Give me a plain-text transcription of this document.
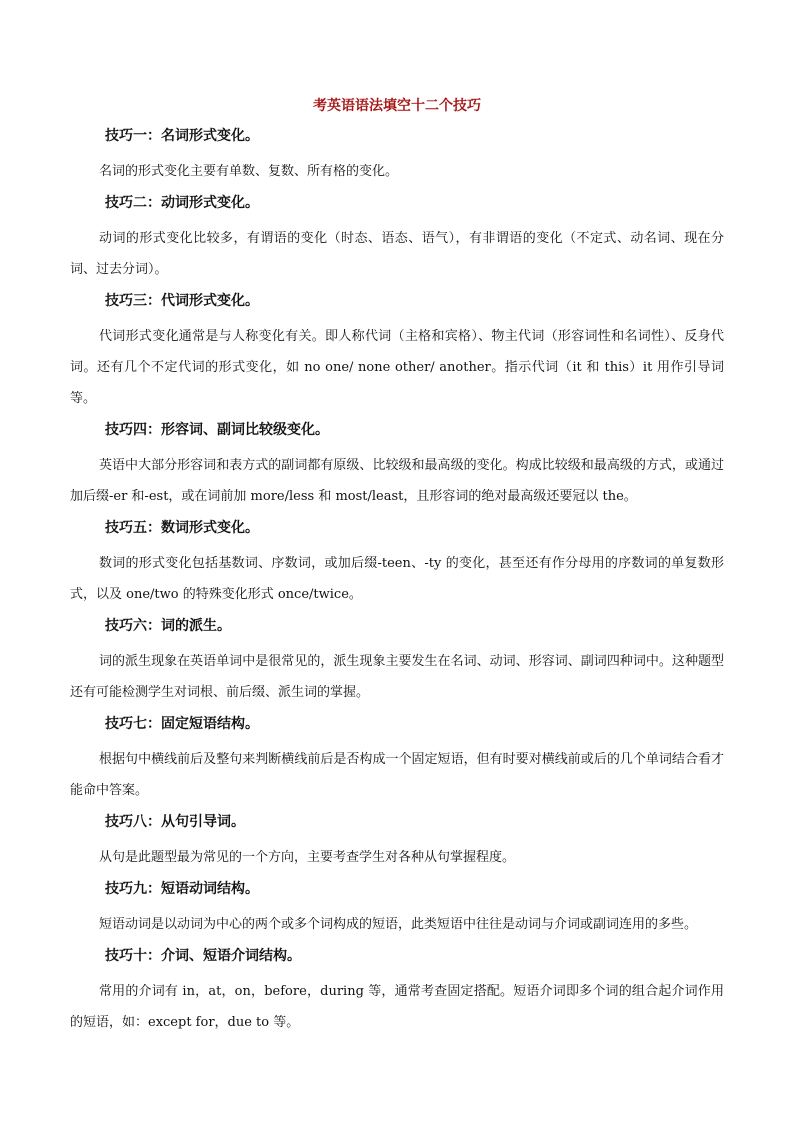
考英语语法填空十二个技巧
技巧一：名词形式变化。
名词的形式变化主要有单数、复数、所有格的变化。
技巧二：动词形式变化。
动词的形式变化比较多，有谓语的变化（时态、语态、语气），有非谓语的变化（不定式、动名词、现在分词、过去分词）。
技巧三：代词形式变化。
代词形式变化通常是与人称变化有关。即人称代词（主格和宾格）、物主代词（形容词性和名词性）、反身代词。还有几个不定代词的形式变化，如 no one/ none other/ another。指示代词（it 和 this）it 用作引导词等。
技巧四：形容词、副词比较级变化。
英语中大部分形容词和表方式的副词都有原级、比较级和最高级的变化。构成比较级和最高级的方式，或通过加后缀-er 和-est，或在词前加 more/less 和 most/least，且形容词的绝对最高级还要冠以 the。
技巧五：数词形式变化。
数词的形式变化包括基数词、序数词，或加后缀-teen、-ty 的变化，甚至还有作分母用的序数词的单复数形式，以及 one/two 的特殊变化形式 once/twice。
技巧六：词的派生。
词的派生现象在英语单词中是很常见的，派生现象主要发生在名词、动词、形容词、副词四种词中。这种题型还有可能检测学生对词根、前后缀、派生词的掌握。
技巧七：固定短语结构。
根据句中横线前后及整句来判断横线前后是否构成一个固定短语，但有时要对横线前或后的几个单词结合看才能命中答案。
技巧八：从句引导词。
从句是此题型最为常见的一个方向，主要考查学生对各种从句掌握程度。
技巧九：短语动词结构。
短语动词是以动词为中心的两个或多个词构成的短语，此类短语中往往是动词与介词或副词连用的多些。
技巧十：介词、短语介词结构。
常用的介词有 in，at，on，before，during 等，通常考查固定搭配。短语介词即多个词的组合起介词作用的短语，如：except for，due to 等。
